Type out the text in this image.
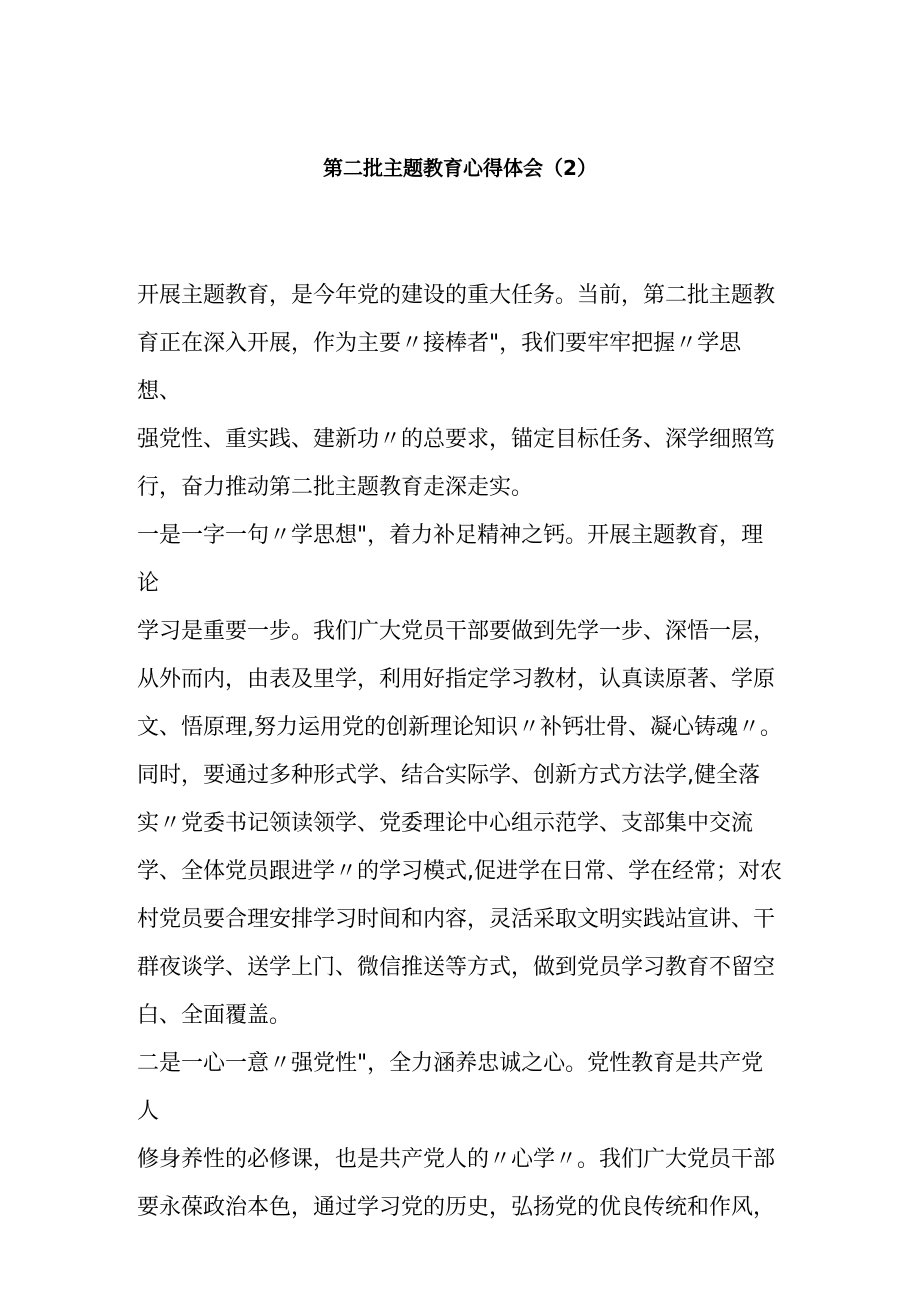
第二批主题教育心得体会（2）

开展主题教育，是今年党的建设的重大任务。当前，第二批主题教
育正在深入开展，作为主要〃接棒者"，我们要牢牢把握〃学思想、
强党性、重实践、建新功〃的总要求，锚定目标任务、深学细照笃
行，奋力推动第二批主题教育走深走实。

一是一字一句〃学思想"，着力补足精神之钙。开展主题教育，理论
学习是重要一步。我们广大党员干部要做到先学一步、深悟一层，
从外而内，由表及里学，利用好指定学习教材，认真读原著、学原
文、悟原理,努力运用党的创新理论知识〃补钙壮骨、凝心铸魂〃。
同时，要通过多种形式学、结合实际学、创新方式方法学,健全落
实〃党委书记领读领学、党委理论中心组示范学、支部集中交流
学、全体党员跟进学〃的学习模式,促进学在日常、学在经常；对农
村党员要合理安排学习时间和内容，灵活采取文明实践站宣讲、干
群夜谈学、送学上门、微信推送等方式，做到党员学习教育不留空
白、全面覆盖。

二是一心一意〃强党性"，全力涵养忠诚之心。党性教育是共产党人
修身养性的必修课，也是共产党人的〃心学〃。我们广大党员干部
要永葆政治本色，通过学习党的历史，弘扬党的优良传统和作风，
